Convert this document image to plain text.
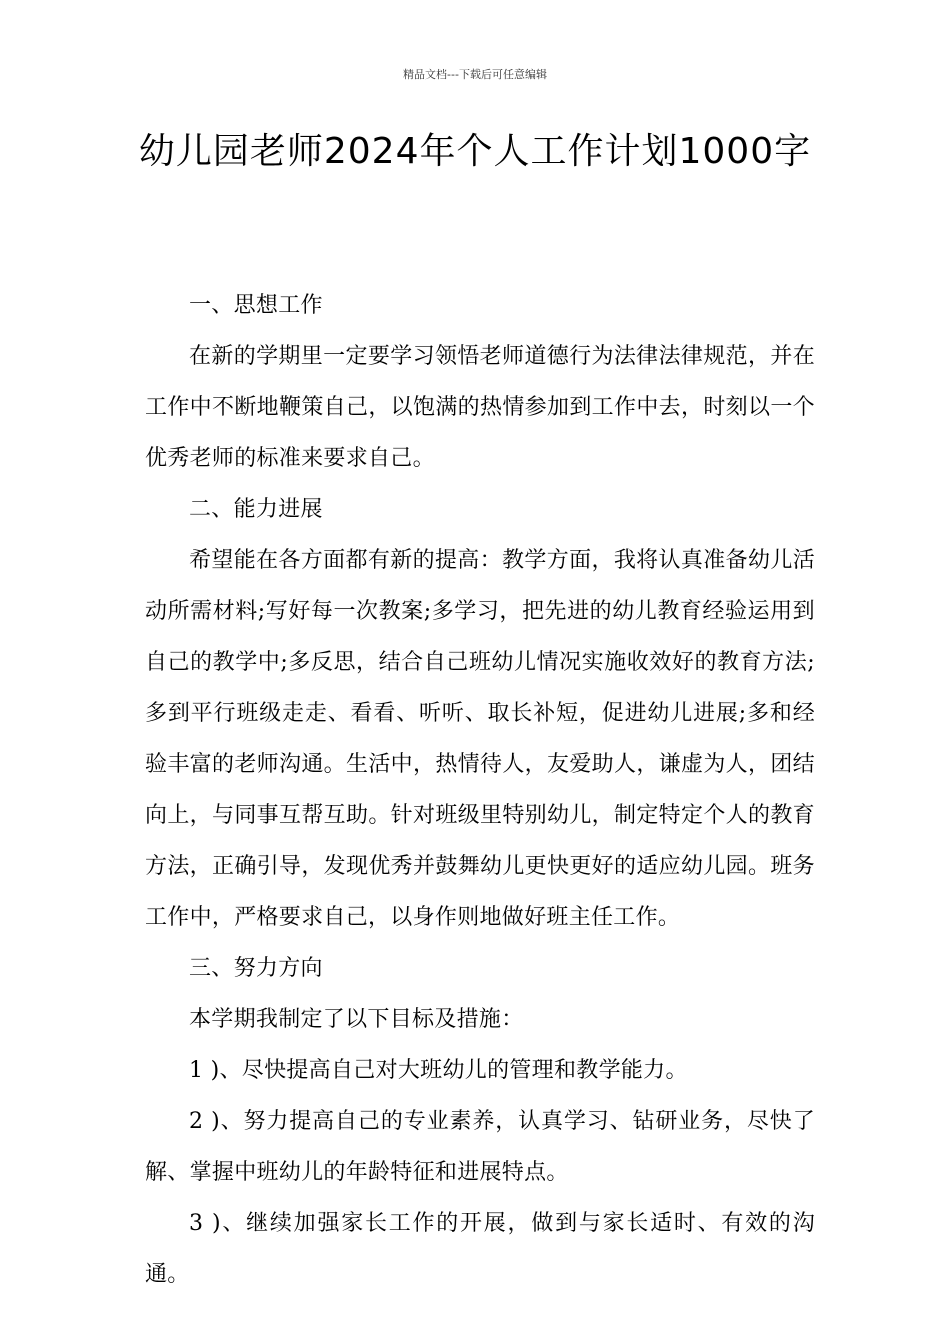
精品文档---下载后可任意编辑
幼儿园老师2024年个人工作计划1000字

一、思想工作

在新的学期里一定要学习领悟老师道德行为法律法律规范，并在工作中不断地鞭策自己，以饱满的热情参加到工作中去，时刻以一个优秀老师的标准来要求自己。

二、能力进展

希望能在各方面都有新的提高：教学方面，我将认真准备幼儿活动所需材料;写好每一次教案;多学习，把先进的幼儿教育经验运用到自己的教学中;多反思，结合自己班幼儿情况实施收效好的教育方法;多到平行班级走走、看看、听听、取长补短，促进幼儿进展;多和经验丰富的老师沟通。生活中，热情待人，友爱助人，谦虚为人，团结向上，与同事互帮互助。针对班级里特别幼儿，制定特定个人的教育方法，正确引导，发现优秀并鼓舞幼儿更快更好的适应幼儿园。班务工作中，严格要求自己，以身作则地做好班主任工作。

三、努力方向

本学期我制定了以下目标及措施：

1 )、尽快提高自己对大班幼儿的管理和教学能力。

2 )、努力提高自己的专业素养，认真学习、钻研业务，尽快了解、掌握中班幼儿的年龄特征和进展特点。

3 )、继续加强家长工作的开展，做到与家长适时、有效的沟通。
